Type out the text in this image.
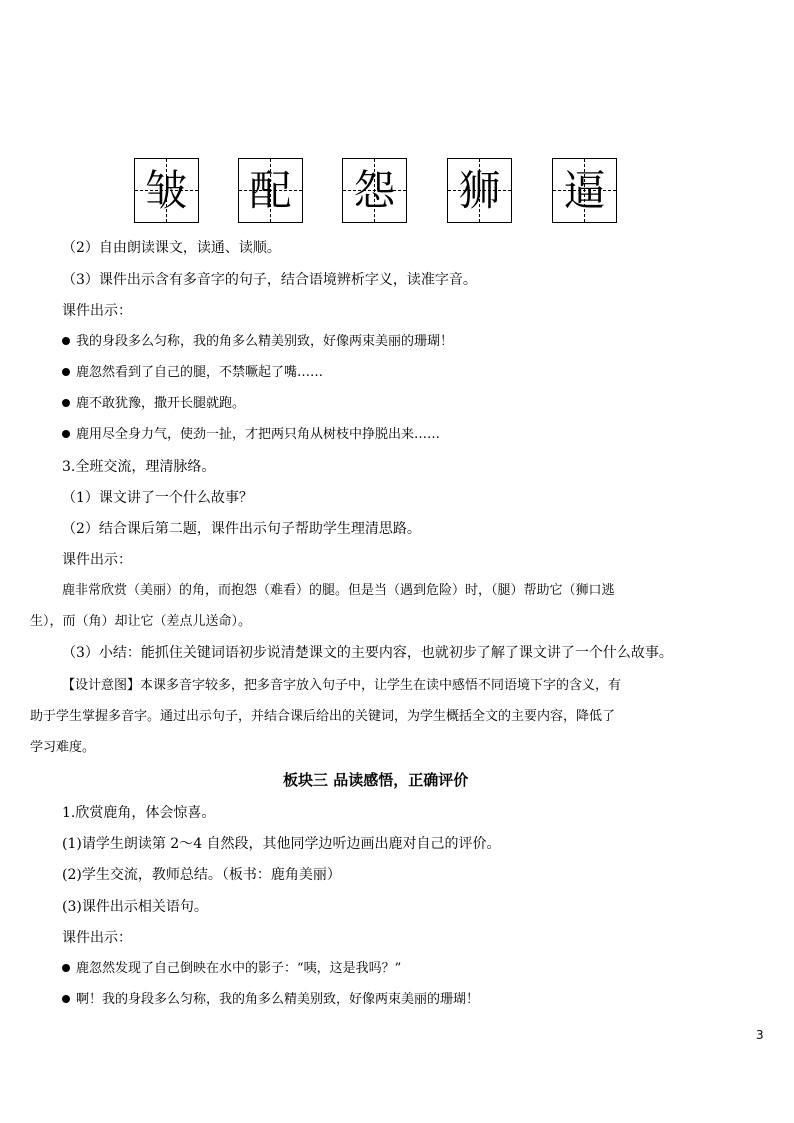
皱 配 怨 狮 逼
（2）自由朗读课文，读通、读顺。
（3）课件出示含有多音字的句子，结合语境辨析字义，读准字音。
课件出示：
我的身段多么匀称，我的角多么精美别致，好像两束美丽的珊瑚！
鹿忽然看到了自己的腿，不禁噘起了嘴……
鹿不敢犹豫，撒开长腿就跑。
鹿用尽全身力气，使劲一扯，才把两只角从树枝中挣脱出来……
3.全班交流，理清脉络。
（1）课文讲了一个什么故事？
（2）结合课后第二题，课件出示句子帮助学生理清思路。
课件出示：
鹿非常欣赏（美丽）的角，而抱怨（难看）的腿。但是当（遇到危险）时，（腿）帮助它（狮口逃
生），而（角）却让它（差点儿送命）。
（3）小结：能抓住关键词语初步说清楚课文的主要内容，也就初步了解了课文讲了一个什么故事。
【设计意图】本课多音字较多，把多音字放入句子中，让学生在读中感悟不同语境下字的含义，有
助于学生掌握多音字。通过出示句子，并结合课后给出的关键词，为学生概括全文的主要内容，降低了
学习难度。
板块三 品读感悟，正确评价
1.欣赏鹿角，体会惊喜。
(1)请学生朗读第 2～4 自然段，其他同学边听边画出鹿对自己的评价。
(2)学生交流，教师总结。（板书：鹿角美丽）
(3)课件出示相关语句。
课件出示：
鹿忽然发现了自己倒映在水中的影子：“咦，这是我吗？”
啊！我的身段多么匀称，我的角多么精美别致，好像两束美丽的珊瑚！
3
